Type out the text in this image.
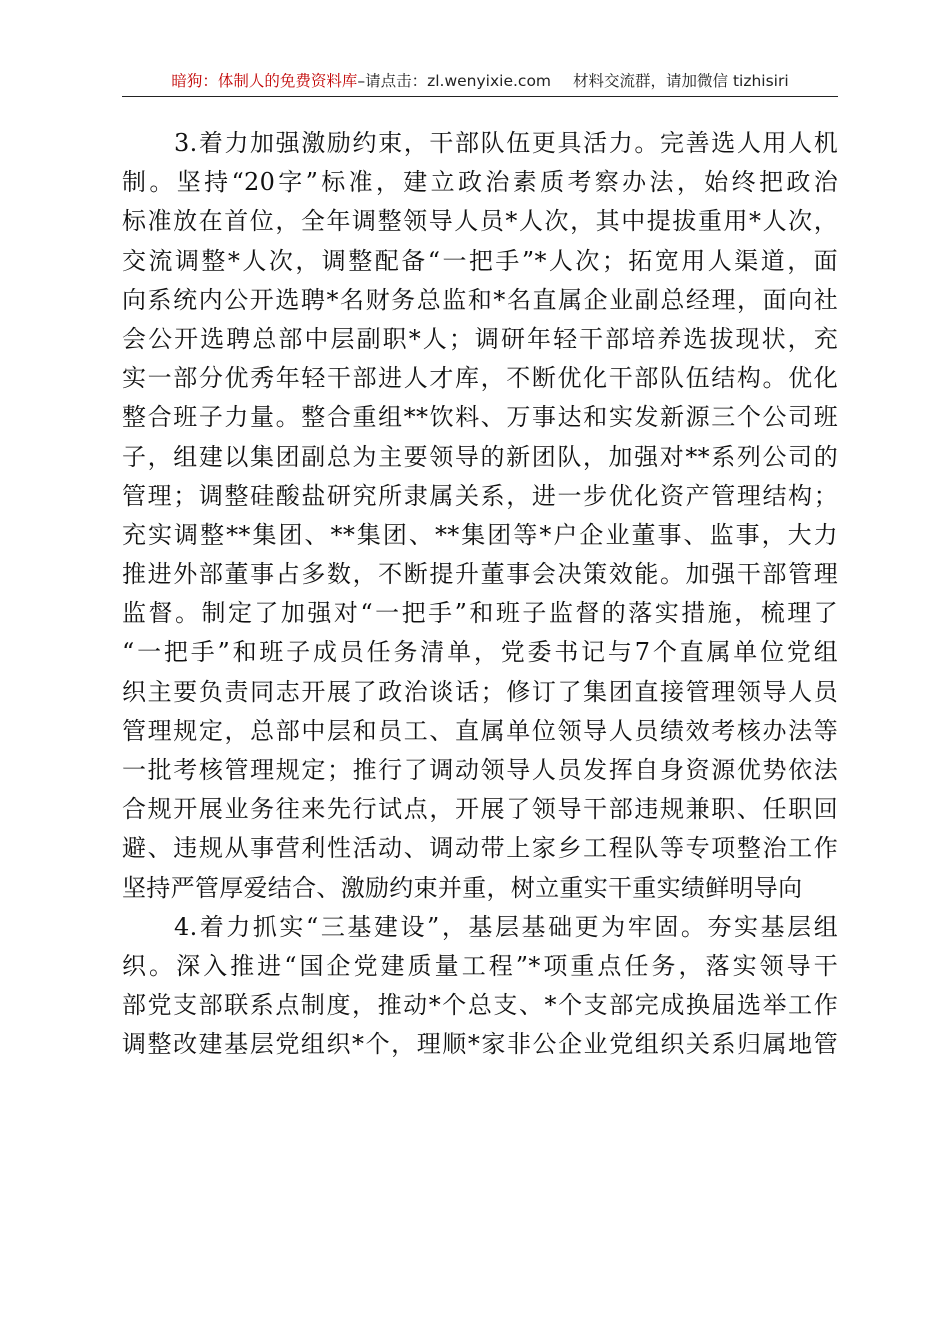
暗狗：体制人的免费资料库–请点击：zl.wenyixie.com 材料交流群，请加微信 tizhisiri
3.着力加强激励约束，干部队伍更具活力。完善选人用人机
制。坚持“20字”标准，建立政治素质考察办法，始终把政治
标准放在首位，全年调整领导人员*人次，其中提拔重用*人次，
交流调整*人次，调整配备“一把手”*人次；拓宽用人渠道，面
向系统内公开选聘*名财务总监和*名直属企业副总经理，面向社
会公开选聘总部中层副职*人；调研年轻干部培养选拔现状，充
实一部分优秀年轻干部进人才库，不断优化干部队伍结构。优化
整合班子力量。整合重组**饮料、万事达和实发新源三个公司班
子，组建以集团副总为主要领导的新团队，加强对**系列公司的
管理；调整硅酸盐研究所隶属关系，进一步优化资产管理结构；
充实调整**集团、**集团、**集团等*户企业董事、监事，大力
推进外部董事占多数，不断提升董事会决策效能。加强干部管理
监督。制定了加强对“一把手”和班子监督的落实措施，梳理了
“一把手”和班子成员任务清单，党委书记与7个直属单位党组
织主要负责同志开展了政治谈话；修订了集团直接管理领导人员
管理规定，总部中层和员工、直属单位领导人员绩效考核办法等
一批考核管理规定；推行了调动领导人员发挥自身资源优势依法
合规开展业务往来先行试点，开展了领导干部违规兼职、任职回
避、违规从事营利性活动、调动带上家乡工程队等专项整治工作
坚持严管厚爱结合、激励约束并重，树立重实干重实绩鲜明导向
4.着力抓实“三基建设”，基层基础更为牢固。夯实基层组
织。深入推进“国企党建质量工程”*项重点任务，落实领导干
部党支部联系点制度，推动*个总支、*个支部完成换届选举工作
调整改建基层党组织*个，理顺*家非公企业党组织关系归属地管
